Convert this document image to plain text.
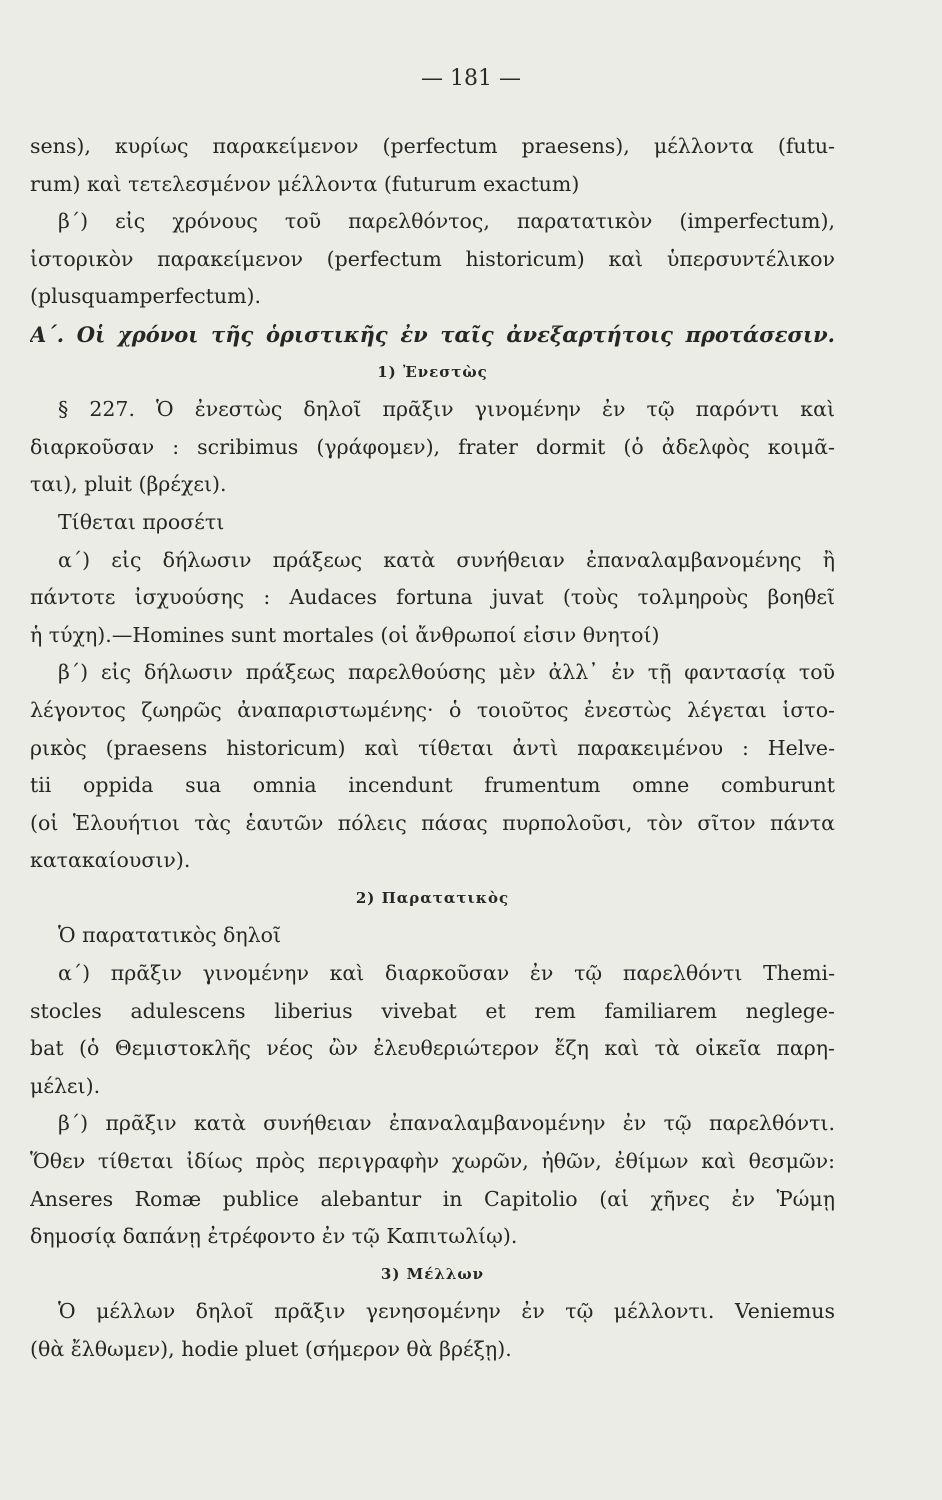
— 181 —
sens), κυρίως παρακείμενον (perfectum praesens), μέλλοντα (futu-
rum) καὶ τετελεσμένον μέλλοντα (futurum exactum)
β΄) εἰς χρόνους τοῦ παρελθόντος, παρατατικὸν (imperfectum),
ἱστορικὸν παρακείμενον (perfectum historicum) καὶ ὑπερσυντέλικον
(plusquamperfectum).
Α΄. Οἱ χρόνοι τῆς ὁριστικῆς ἐν ταῖς ἀνεξαρτήτοις προτάσεσιν.
1) Ἐνεστὼς
§ 227. Ὁ ἐνεστὼς δηλοῖ πρᾶξιν γινομένην ἐν τῷ παρόντι καὶ
διαρκοῦσαν : scribimus (γράφομεν), frater dormit (ὁ ἀδελφὸς κοιμᾶ-
ται), pluit (βρέχει).
Τίθεται προσέτι
α΄) εἰς δήλωσιν πράξεως κατὰ συνήθειαν ἐπαναλαμβανομένης ἢ
πάντοτε ἰσχυούσης : Audaces fortuna juvat (τοὺς τολμηροὺς βοηθεῖ
ἡ τύχη).—Homines sunt mortales (οἱ ἄνθρωποί εἰσιν θνητοί)
β΄) εἰς δήλωσιν πράξεως παρελθούσης μὲν ἀλλ᾽ ἐν τῇ φαντασίᾳ τοῦ
λέγοντος ζωηρῶς ἀναπαριστωμένης· ὁ τοιοῦτος ἐνεστὼς λέγεται ἱστο-
ρικὸς (praesens historicum) καὶ τίθεται ἀντὶ παρακειμένου : Helve-
tii oppida sua omnia incendunt frumentum omne comburunt
(οἱ Ἑλουήτιοι τὰς ἑαυτῶν πόλεις πάσας πυρπολοῦσι, τὸν σῖτον πάντα
κατακαίουσιν).
2) Παρατατικὸς
Ὁ παρατατικὸς δηλοῖ
α΄) πρᾶξιν γινομένην καὶ διαρκοῦσαν ἐν τῷ παρελθόντι Themi-
stocles adulescens liberius vivebat et rem familiarem neglege-
bat (ὁ Θεμιστοκλῆς νέος ὢν ἐλευθεριώτερον ἔζη καὶ τὰ οἰκεῖα παρη-
μέλει).
β΄) πρᾶξιν κατὰ συνήθειαν ἐπαναλαμβανομένην ἐν τῷ παρελθόντι.
Ὅθεν τίθεται ἰδίως πρὸς περιγραφὴν χωρῶν, ἠθῶν, ἐθίμων καὶ θεσμῶν:
Anseres Romæ publice alebantur in Capitolio (αἱ χῆνες ἐν Ῥώμῃ
δημοσίᾳ δαπάνῃ ἐτρέφοντο ἐν τῷ Καπιτωλίῳ).
3) Μέλλων
Ὁ μέλλων δηλοῖ πρᾶξιν γενησομένην ἐν τῷ μέλλοντι. Veniemus
(θὰ ἔλθωμεν), hodie pluet (σήμερον θὰ βρέξῃ).
